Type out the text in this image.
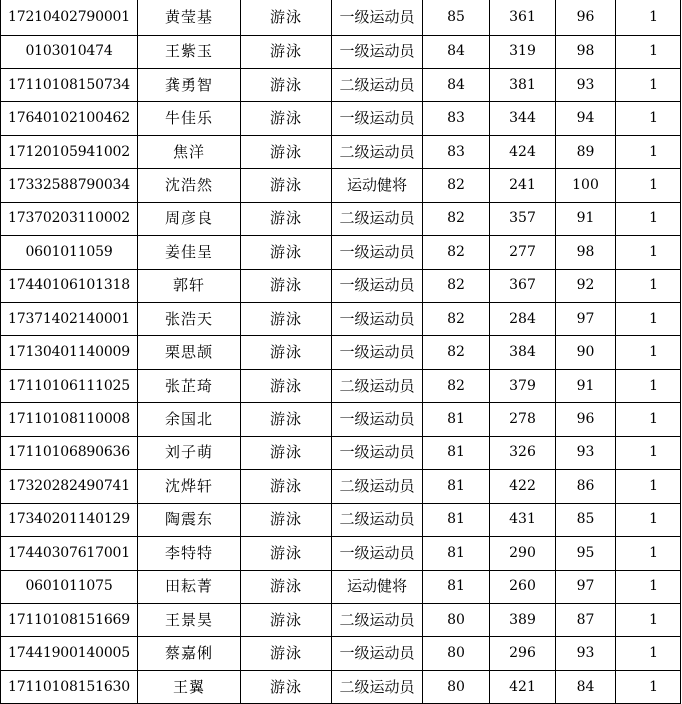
17210402790001	黄莹基	游泳	一级运动员	85	361	96	1
0103010474	王紫玉	游泳	一级运动员	84	319	98	1
17110108150734	龚勇智	游泳	二级运动员	84	381	93	1
17640102100462	牛佳乐	游泳	一级运动员	83	344	94	1
17120105941002	焦洋	游泳	二级运动员	83	424	89	1
17332588790034	沈浩然	游泳	运动健将	82	241	100	1
17370203110002	周彦良	游泳	二级运动员	82	357	91	1
0601011059	姜佳呈	游泳	一级运动员	82	277	98	1
17440106101318	郭轩	游泳	一级运动员	82	367	92	1
17371402140001	张浩天	游泳	一级运动员	82	284	97	1
17130401140009	栗思颉	游泳	一级运动员	82	384	90	1
17110106111025	张芷琦	游泳	二级运动员	82	379	91	1
17110108110008	余国北	游泳	一级运动员	81	278	96	1
17110106890636	刘子萌	游泳	一级运动员	81	326	93	1
17320282490741	沈烨轩	游泳	二级运动员	81	422	86	1
17340201140129	陶震东	游泳	二级运动员	81	431	85	1
17440307617001	李特特	游泳	一级运动员	81	290	95	1
0601011075	田耘菁	游泳	运动健将	81	260	97	1
17110108151669	王景昊	游泳	二级运动员	80	389	87	1
17441900140005	蔡嘉俐	游泳	一级运动员	80	296	93	1
17110108151630	王翼	游泳	二级运动员	80	421	84	1
